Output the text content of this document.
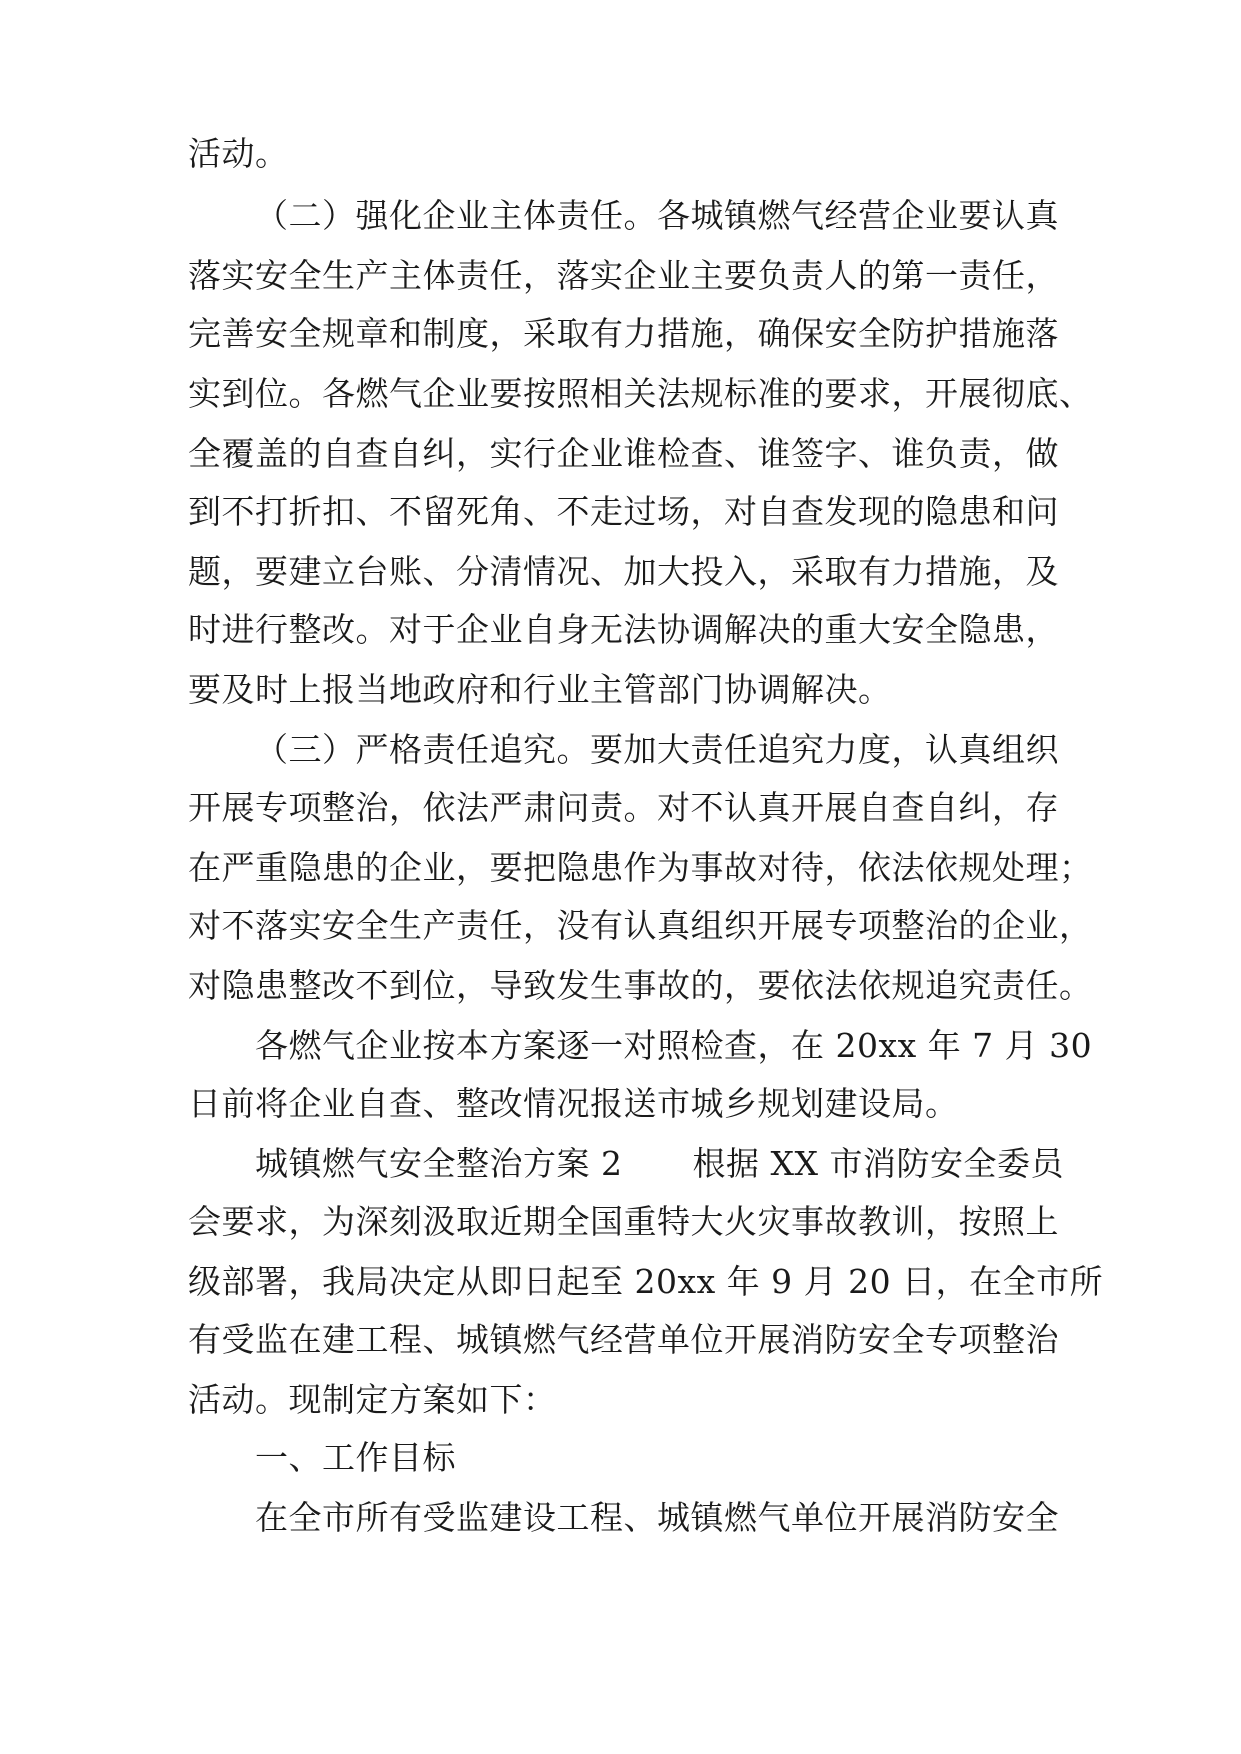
活动。
（二）强化企业主体责任。各城镇燃气经营企业要认真
落实安全生产主体责任，落实企业主要负责人的第一责任，
完善安全规章和制度，采取有力措施，确保安全防护措施落
实到位。各燃气企业要按照相关法规标准的要求，开展彻底、
全覆盖的自查自纠，实行企业谁检查、谁签字、谁负责，做
到不打折扣、不留死角、不走过场，对自查发现的隐患和问
题，要建立台账、分清情况、加大投入，采取有力措施，及
时进行整改。对于企业自身无法协调解决的重大安全隐患，
要及时上报当地政府和行业主管部门协调解决。
（三）严格责任追究。要加大责任追究力度，认真组织
开展专项整治，依法严肃问责。对不认真开展自查自纠，存
在严重隐患的企业，要把隐患作为事故对待，依法依规处理；
对不落实安全生产责任，没有认真组织开展专项整治的企业，
对隐患整改不到位，导致发生事故的，要依法依规追究责任。
各燃气企业按本方案逐一对照检查，在 20xx 年 7 月 30
日前将企业自查、整改情况报送市城乡规划建设局。
城镇燃气安全整治方案 2 根据 XX 市消防安全委员
会要求，为深刻汲取近期全国重特大火灾事故教训，按照上
级部署，我局决定从即日起至 20xx 年 9 月 20 日，在全市所
有受监在建工程、城镇燃气经营单位开展消防安全专项整治
活动。现制定方案如下：
一、工作目标
在全市所有受监建设工程、城镇燃气单位开展消防安全
